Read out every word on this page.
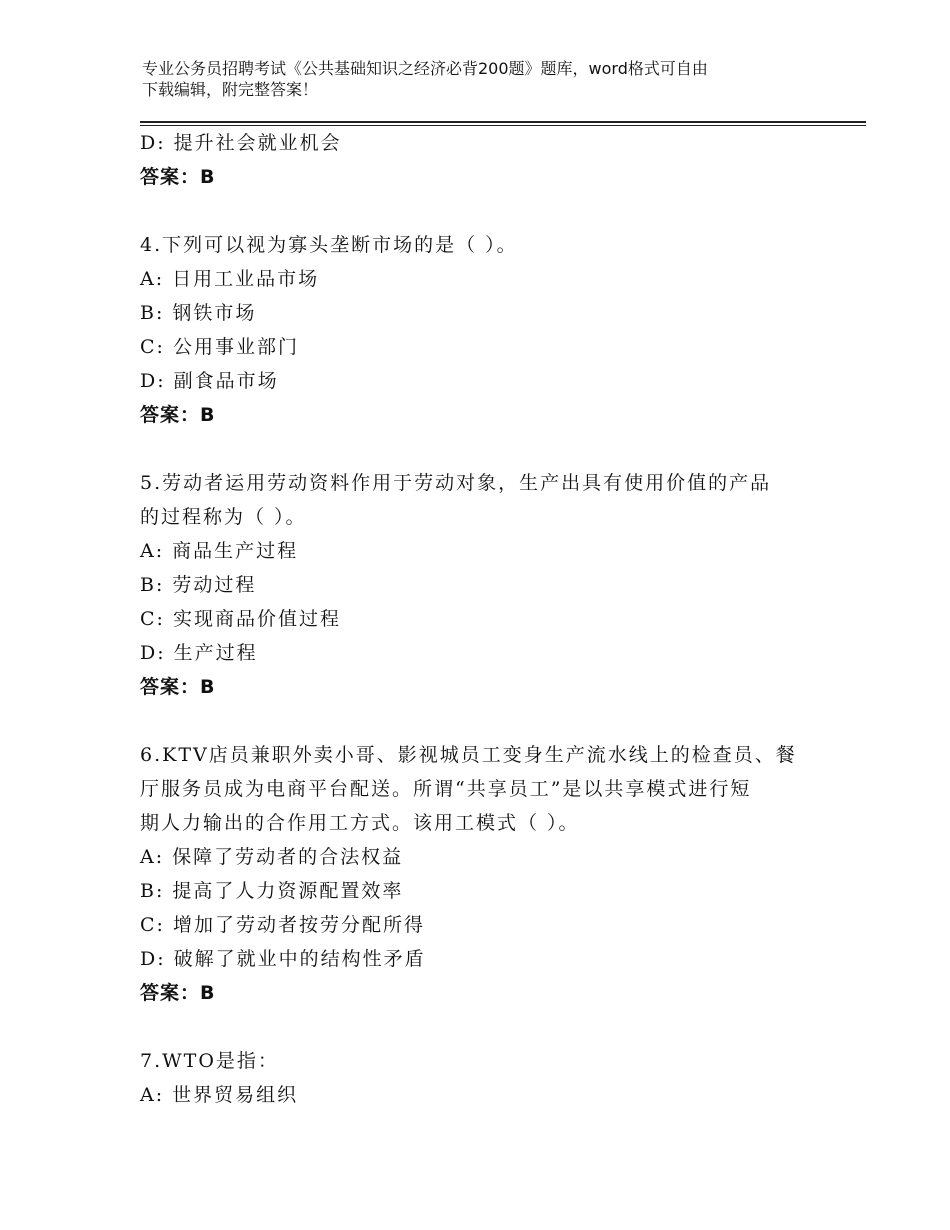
专业公务员招聘考试《公共基础知识之经济必背200题》题库，word格式可自由
下载编辑，附完整答案！
D: 提升社会就业机会
答案：B
4.下列可以视为寡头垄断市场的是（ ）。
A: 日用工业品市场
B: 钢铁市场
C: 公用事业部门
D: 副食品市场
答案：B
5.劳动者运用劳动资料作用于劳动对象，生产出具有使用价值的产品
的过程称为（ ）。
A: 商品生产过程
B: 劳动过程
C: 实现商品价值过程
D: 生产过程
答案：B
6.KTV店员兼职外卖小哥、影视城员工变身生产流水线上的检查员、餐
厅服务员成为电商平台配送。所谓“共享员工”是以共享模式进行短
期人力输出的合作用工方式。该用工模式（ ）。
A: 保障了劳动者的合法权益
B: 提高了人力资源配置效率
C: 增加了劳动者按劳分配所得
D: 破解了就业中的结构性矛盾
答案：B
7.WTO是指：
A: 世界贸易组织
